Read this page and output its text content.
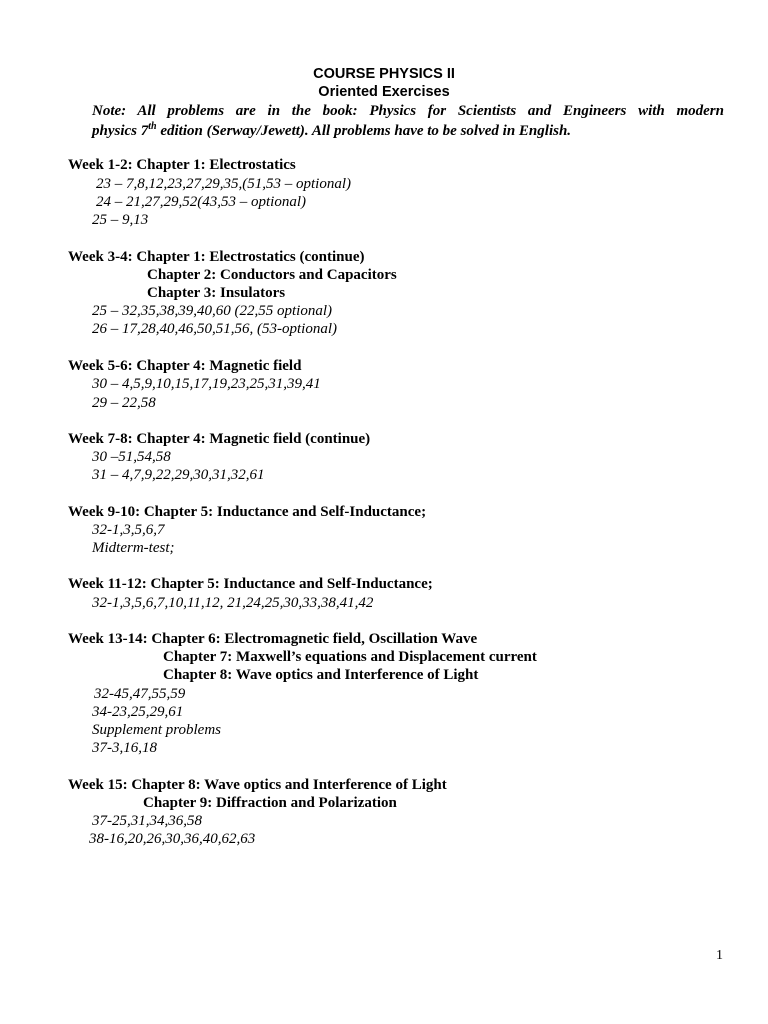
COURSE PHYSICS II
Oriented Exercises
Note: All problems are in the book: Physics for Scientists and Engineers with modern
physics 7th edition (Serway/Jewett). All problems have to be solved in English.
Week 1-2: Chapter 1: Electrostatics
23 – 7,8,12,23,27,29,35,(51,53 – optional)
24 – 21,27,29,52(43,53 – optional)
25 – 9,13
Week 3-4: Chapter 1: Electrostatics (continue)
Chapter 2: Conductors and Capacitors
Chapter 3: Insulators
25 – 32,35,38,39,40,60 (22,55 optional)
26 – 17,28,40,46,50,51,56, (53-optional)
Week 5-6: Chapter 4: Magnetic field
30 – 4,5,9,10,15,17,19,23,25,31,39,41
29 – 22,58
Week 7-8: Chapter 4: Magnetic field (continue)
30 –51,54,58
31 – 4,7,9,22,29,30,31,32,61
Week 9-10: Chapter 5: Inductance and Self-Inductance;
32-1,3,5,6,7
Midterm-test;
Week 11-12: Chapter 5: Inductance and Self-Inductance;
32-1,3,5,6,7,10,11,12, 21,24,25,30,33,38,41,42
Week 13-14: Chapter 6: Electromagnetic field, Oscillation Wave
Chapter 7: Maxwell’s equations and Displacement current
Chapter 8: Wave optics and Interference of Light
32-45,47,55,59
34-23,25,29,61
Supplement problems
37-3,16,18
Week 15: Chapter 8: Wave optics and Interference of Light
Chapter 9: Diffraction and Polarization
37-25,31,34,36,58
38-16,20,26,30,36,40,62,63
1
